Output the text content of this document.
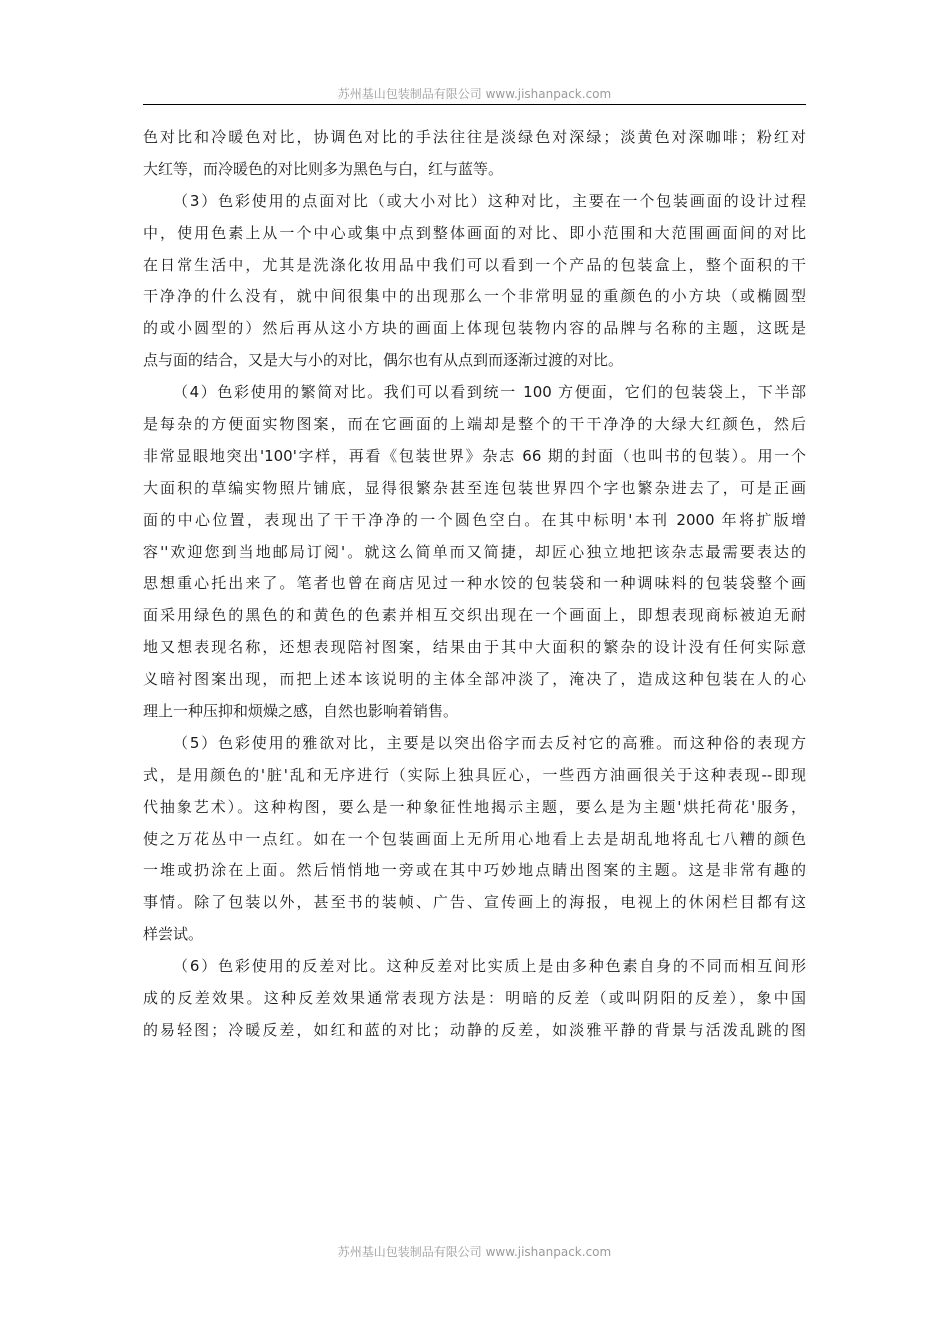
苏州基山包装制品有限公司 www.jishanpack.com
色对比和冷暖色对比，协调色对比的手法往往是淡绿色对深绿；淡黄色对深咖啡；粉红对
大红等，而冷暖色的对比则多为黑色与白，红与蓝等。
（3）色彩使用的点面对比（或大小对比）这种对比，主要在一个包装画面的设计过程
中，使用色素上从一个中心或集中点到整体画面的对比、即小范围和大范围画面间的对比
在日常生活中，尤其是洗涤化妆用品中我们可以看到一个产品的包装盒上，整个面积的干
干净净的什么没有，就中间很集中的出现那么一个非常明显的重颜色的小方块（或椭圆型
的或小圆型的）然后再从这小方块的画面上体现包装物内容的品牌与名称的主题，这既是
点与面的结合，又是大与小的对比，偶尔也有从点到而逐渐过渡的对比。
（4）色彩使用的繁简对比。我们可以看到统一 100 方便面，它们的包装袋上，下半部
是每杂的方便面实物图案，而在它画面的上端却是整个的干干净净的大绿大红颜色，然后
非常显眼地突出'100'字样，再看《包装世界》杂志 66 期的封面（也叫书的包装）。用一个
大面积的草编实物照片铺底，显得很繁杂甚至连包装世界四个字也繁杂进去了，可是正画
面的中心位置，表现出了干干净净的一个圆色空白。在其中标明'本刊 2000 年将扩版增
容''欢迎您到当地邮局订阅'。就这么简单而又简捷，却匠心独立地把该杂志最需要表达的
思想重心托出来了。笔者也曾在商店见过一种水饺的包装袋和一种调味料的包装袋整个画
面采用绿色的黑色的和黄色的色素并相互交织出现在一个画面上，即想表现商标被迫无耐
地又想表现名称，还想表现陪衬图案，结果由于其中大面积的繁杂的设计没有任何实际意
义暗衬图案出现，而把上述本该说明的主体全部冲淡了，淹决了，造成这种包装在人的心
理上一种压抑和烦燥之感，自然也影响着销售。
（5）色彩使用的雅欲对比，主要是以突出俗字而去反衬它的高雅。而这种俗的表现方
式，是用颜色的'脏'乱和无序进行（实际上独具匠心，一些西方油画很关于这种表现--即现
代抽象艺术）。这种构图，要么是一种象征性地揭示主题，要么是为主题'烘托荷花'服务，
使之万花丛中一点红。如在一个包装画面上无所用心地看上去是胡乱地将乱七八糟的颜色
一堆或扔涂在上面。然后悄悄地一旁或在其中巧妙地点睛出图案的主题。这是非常有趣的
事情。除了包装以外，甚至书的装帧、广告、宣传画上的海报，电视上的休闲栏目都有这
样尝试。
（6）色彩使用的反差对比。这种反差对比实质上是由多种色素自身的不同而相互间形
成的反差效果。这种反差效果通常表现方法是：明暗的反差（或叫阴阳的反差），象中国
的易轻图；冷暖反差，如红和蓝的对比；动静的反差，如淡雅平静的背景与活泼乱跳的图
苏州基山包装制品有限公司 www.jishanpack.com
